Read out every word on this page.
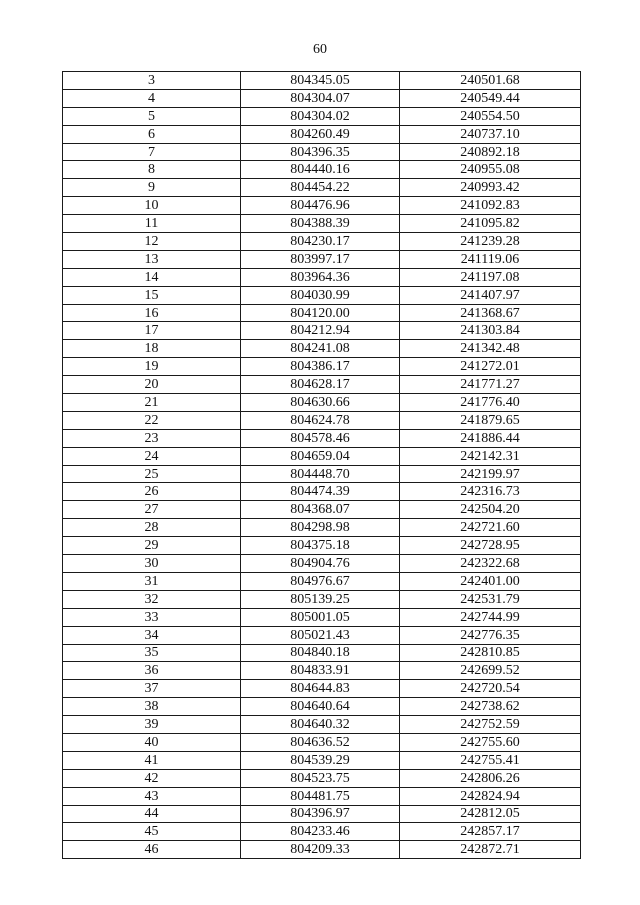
60
3	804345.05	240501.68
4	804304.07	240549.44
5	804304.02	240554.50
6	804260.49	240737.10
7	804396.35	240892.18
8	804440.16	240955.08
9	804454.22	240993.42
10	804476.96	241092.83
11	804388.39	241095.82
12	804230.17	241239.28
13	803997.17	241119.06
14	803964.36	241197.08
15	804030.99	241407.97
16	804120.00	241368.67
17	804212.94	241303.84
18	804241.08	241342.48
19	804386.17	241272.01
20	804628.17	241771.27
21	804630.66	241776.40
22	804624.78	241879.65
23	804578.46	241886.44
24	804659.04	242142.31
25	804448.70	242199.97
26	804474.39	242316.73
27	804368.07	242504.20
28	804298.98	242721.60
29	804375.18	242728.95
30	804904.76	242322.68
31	804976.67	242401.00
32	805139.25	242531.79
33	805001.05	242744.99
34	805021.43	242776.35
35	804840.18	242810.85
36	804833.91	242699.52
37	804644.83	242720.54
38	804640.64	242738.62
39	804640.32	242752.59
40	804636.52	242755.60
41	804539.29	242755.41
42	804523.75	242806.26
43	804481.75	242824.94
44	804396.97	242812.05
45	804233.46	242857.17
46	804209.33	242872.71
